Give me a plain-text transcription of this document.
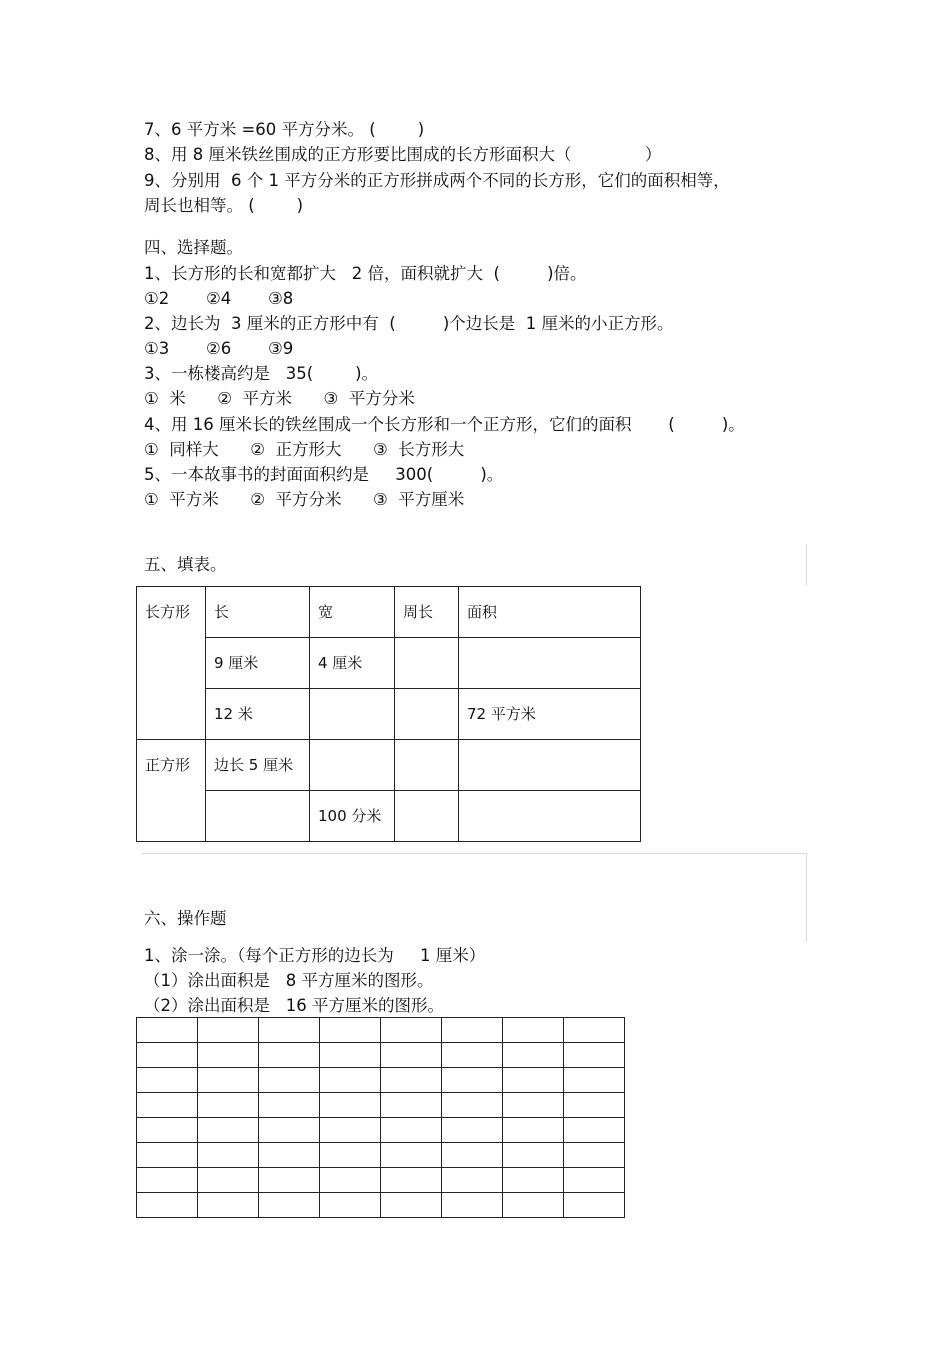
7、6 平方米 =60 平方分米。 (        )
8、用 8 厘米铁丝围成的正方形要比围成的长方形面积大（              ）
9、分别用  6 个 1 平方分米的正方形拼成两个不同的长方形，它们的面积相等，
周长也相等。 (        )
四、选择题。
1、长方形的长和宽都扩大   2 倍，面积就扩大  (         )倍。
①2       ②4       ③8
2、边长为  3 厘米的正方形中有  (         )个边长是  1 厘米的小正方形。
①3       ②6       ③9
3、一栋楼高约是   35(        )。
①  米      ②  平方米      ③  平方分米
4、用 16 厘米长的铁丝围成一个长方形和一个正方形，它们的面积       (         )。
①  同样大      ②  正方形大      ③  长方形大
5、一本故事书的封面面积约是     300(         )。
①  平方米      ②  平方分米      ③  平方厘米
五、填表。
长方形	长	宽	周长	面积
	9 厘米	4 厘米		
	12 米			72 平方米
正方形	边长 5 厘米			
		100 分米		
六、操作题
1、涂一涂。（每个正方形的边长为     1 厘米）
（1）涂出面积是   8 平方厘米的图形。
（2）涂出面积是   16 平方厘米的图形。
